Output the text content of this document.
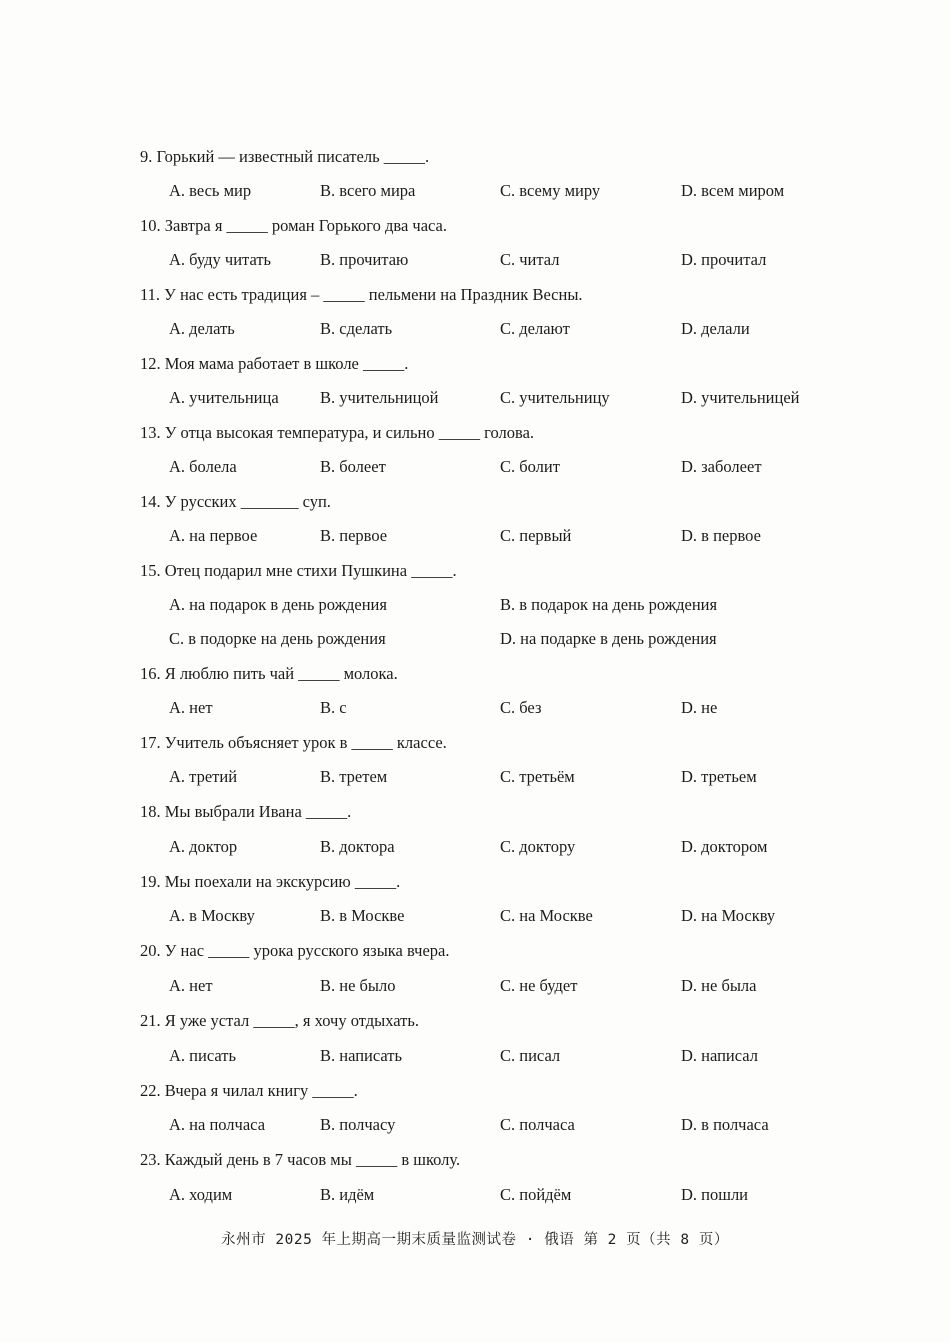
9. Горький — известный писатель _____.
A. весь мир	B. всего мира	C. всему миру	D. всем миром
10. Завтра я _____ роман Горького два часа.
A. буду читать	B. прочитаю	C. читал	D. прочитал
11. У нас есть традиция – _____ пельмени на Праздник Весны.
A. делать	B. сделать	C. делают	D. делали
12. Моя мама работает в школе _____.
A. учительница	B. учительницой	C. учительницу	D. учительницей
13. У отца высокая температура, и сильно _____ голова.
A. болела	B. болеет	C. болит	D. заболеет
14. У русских _______ суп.
A. на первое	B. первое	C. первый	D. в первое
15. Отец подарил мне стихи Пушкина _____.
A. на подарок в день рождения	B. в подарок на день рождения
C. в подорке на день рождения	D. на подарке в день рождения
16. Я люблю пить чай _____ молока.
A. нет	B. с	C. без	D. не
17. Учитель объясняет урок в _____ классе.
A. третий	B. третем	C. третьём	D. третьем
18. Мы выбрали Ивана _____.
A. доктор	B. доктора	C. доктору	D. доктором
19. Мы поехали на экскурсию _____.
A. в Москву	B. в Москве	C. на Москве	D. на Москву
20. У нас _____ урока русского языка вчера.
A. нет	B. не было	C. не будет	D. не была
21. Я уже устал _____, я хочу отдыхать.
A. писать	B. написать	C. писал	D. написал
22. Вчера я чилал книгу _____.
A. на полчаса	B. полчасу	C. полчаса	D. в полчаса
23. Каждый день в 7 часов мы _____ в школу.
A. ходим	B. идём	C. пойдём	D. пошли
永州市 2025 年上期高一期末质量监测试卷 · 俄语 第 2 页（共 8 页）
